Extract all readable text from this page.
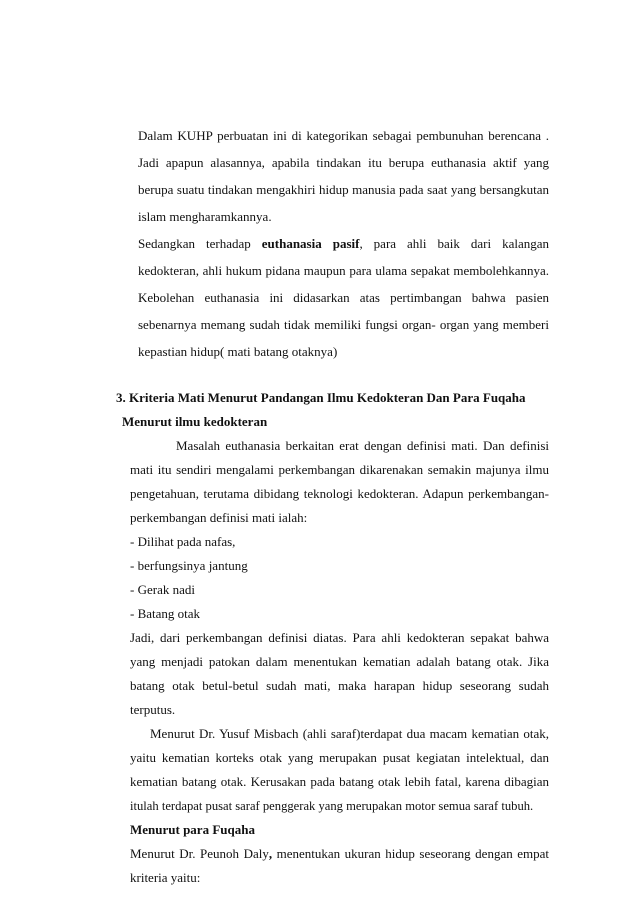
Dalam KUHP perbuatan ini di kategorikan sebagai pembunuhan berencana .

Jadi apapun alasannya, apabila tindakan itu berupa euthanasia aktif yang

berupa suatu tindakan mengakhiri hidup manusia pada saat yang bersangkutan

islam mengharamkannya.

Sedangkan terhadap euthanasia pasif, para ahli baik dari kalangan

kedokteran, ahli hukum pidana maupun para ulama sepakat membolehkannya.

Kebolehan euthanasia ini didasarkan atas pertimbangan bahwa pasien

sebenarnya memang sudah tidak memiliki fungsi organ- organ yang memberi

kepastian hidup( mati batang otaknya)

3. Kriteria Mati Menurut Pandangan Ilmu Kedokteran Dan Para Fuqaha

Menurut ilmu kedokteran

Masalah euthanasia berkaitan erat dengan definisi mati. Dan definisi

mati itu sendiri mengalami perkembangan dikarenakan semakin majunya ilmu

pengetahuan, terutama dibidang teknologi kedokteran. Adapun perkembangan-

perkembangan definisi mati ialah:

- Dilihat pada nafas,

- berfungsinya jantung

- Gerak nadi

- Batang otak

Jadi, dari perkembangan definisi diatas. Para ahli kedokteran sepakat bahwa

yang menjadi patokan dalam menentukan kematian adalah batang otak. Jika

batang otak betul-betul sudah mati, maka harapan hidup seseorang sudah

terputus.

Menurut Dr. Yusuf Misbach (ahli saraf)terdapat dua macam kematian otak,

yaitu kematian korteks otak yang merupakan pusat kegiatan intelektual, dan

kematian batang otak. Kerusakan pada batang otak lebih fatal, karena dibagian

itulah terdapat pusat saraf penggerak yang merupakan motor semua saraf tubuh.

Menurut para Fuqaha

Menurut Dr. Peunoh Daly, menentukan ukuran hidup seseorang dengan empat

kriteria yaitu:
